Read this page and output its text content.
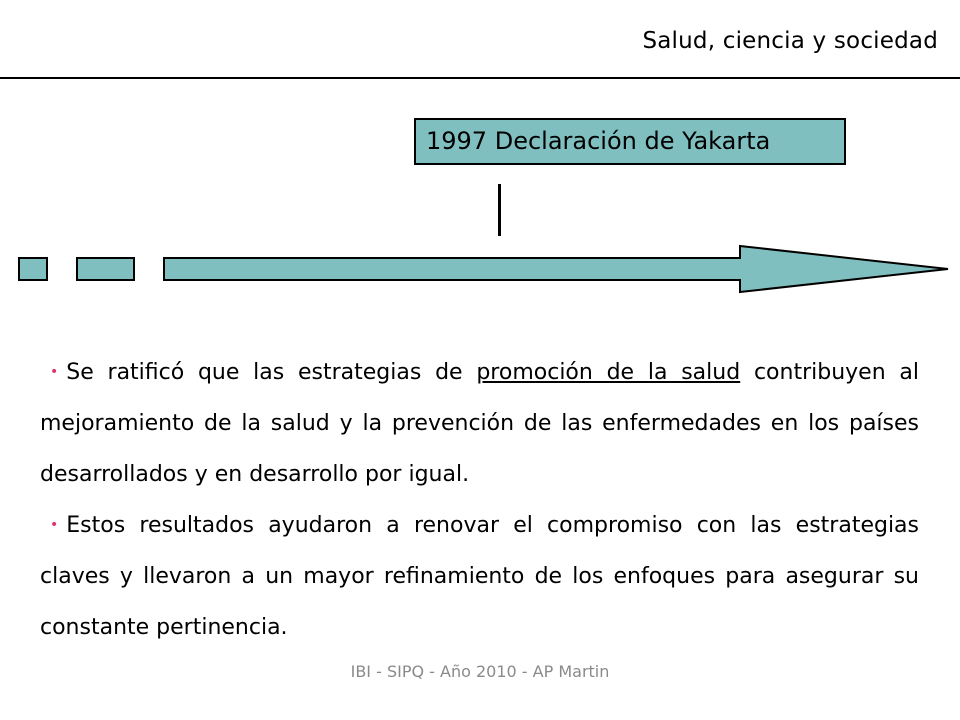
Salud, ciencia y sociedad
1997 Declaración de Yakarta

• Se ratificó que las estrategias de promoción de la salud contribuyen al mejoramiento de la salud y la prevención de las enfermedades en los países desarrollados y en desarrollo por igual.

• Estos resultados ayudaron a renovar el compromiso con las estrategias claves y llevaron a un mayor refinamiento de los enfoques para asegurar su constante pertinencia.

IBI - SIPQ - Año 2010 - AP Martin
